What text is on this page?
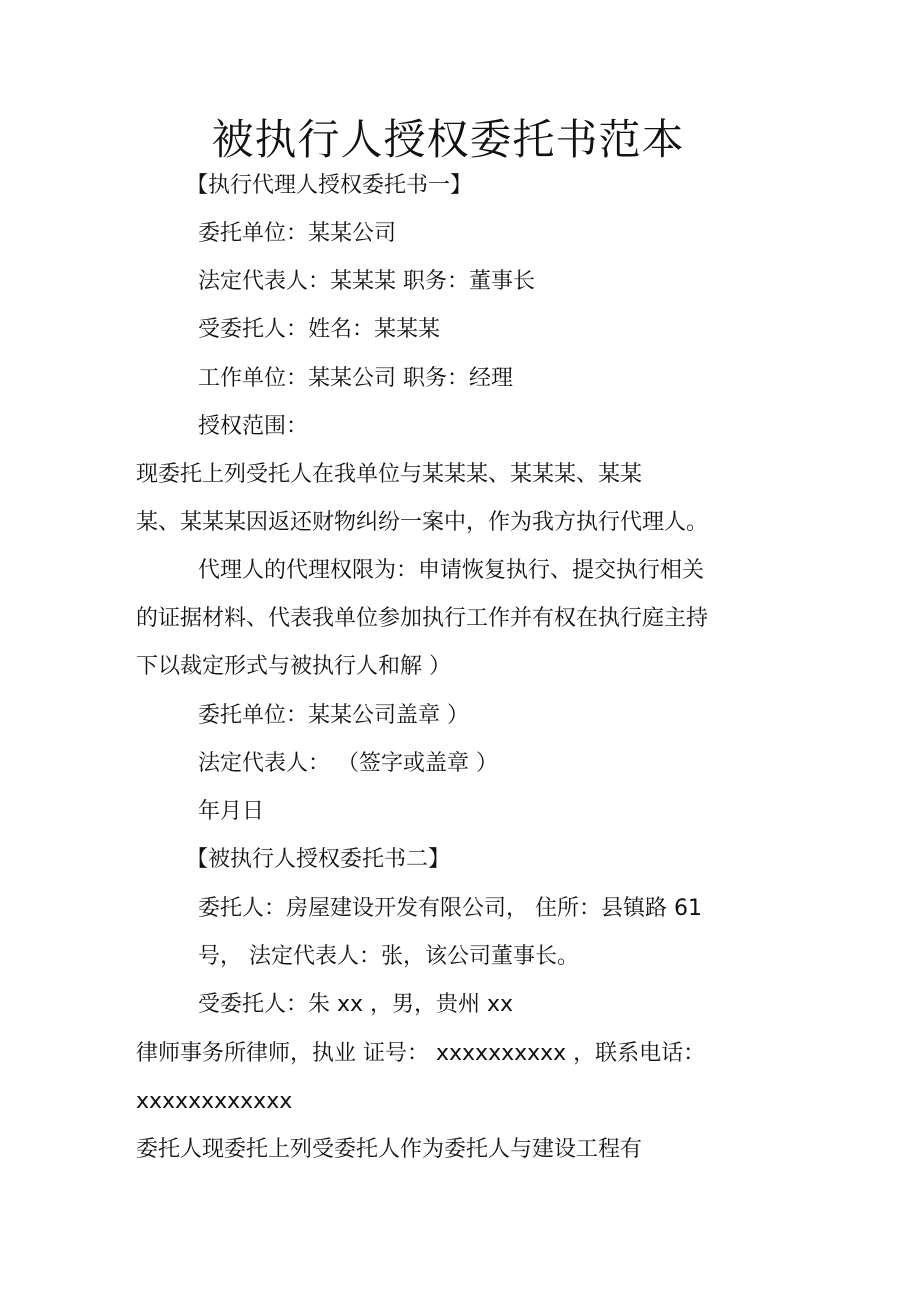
被执行人授权委托书范本
【执行代理人授权委托书一】
委托单位：某某公司
法定代表人：某某某 职务：董事长
受委托人：姓名：某某某
工作单位：某某公司 职务：经理
授权范围：
现委托上列受托人在我单位与某某某、某某某、某某
某、某某某因返还财物纠纷一案中，作为我方执行代理人。
代理人的代理权限为：申请恢复执行、提交执行相关
的证据材料、代表我单位参加执行工作并有权在执行庭主持
下以裁定形式与被执行人和解 ）
委托单位：某某公司盖章 ）
法定代表人： （签字或盖章 ）
年月日
【被执行人授权委托书二】
委托人：房屋建设开发有限公司， 住所：县镇路 61
号， 法定代表人：张，该公司董事长。
受委托人：朱 xx ，男，贵州 xx
律师事务所律师，执业 证号： xxxxxxxxxx ，联系电话：
xxxxxxxxxxxx
委托人现委托上列受委托人作为委托人与建设工程有
